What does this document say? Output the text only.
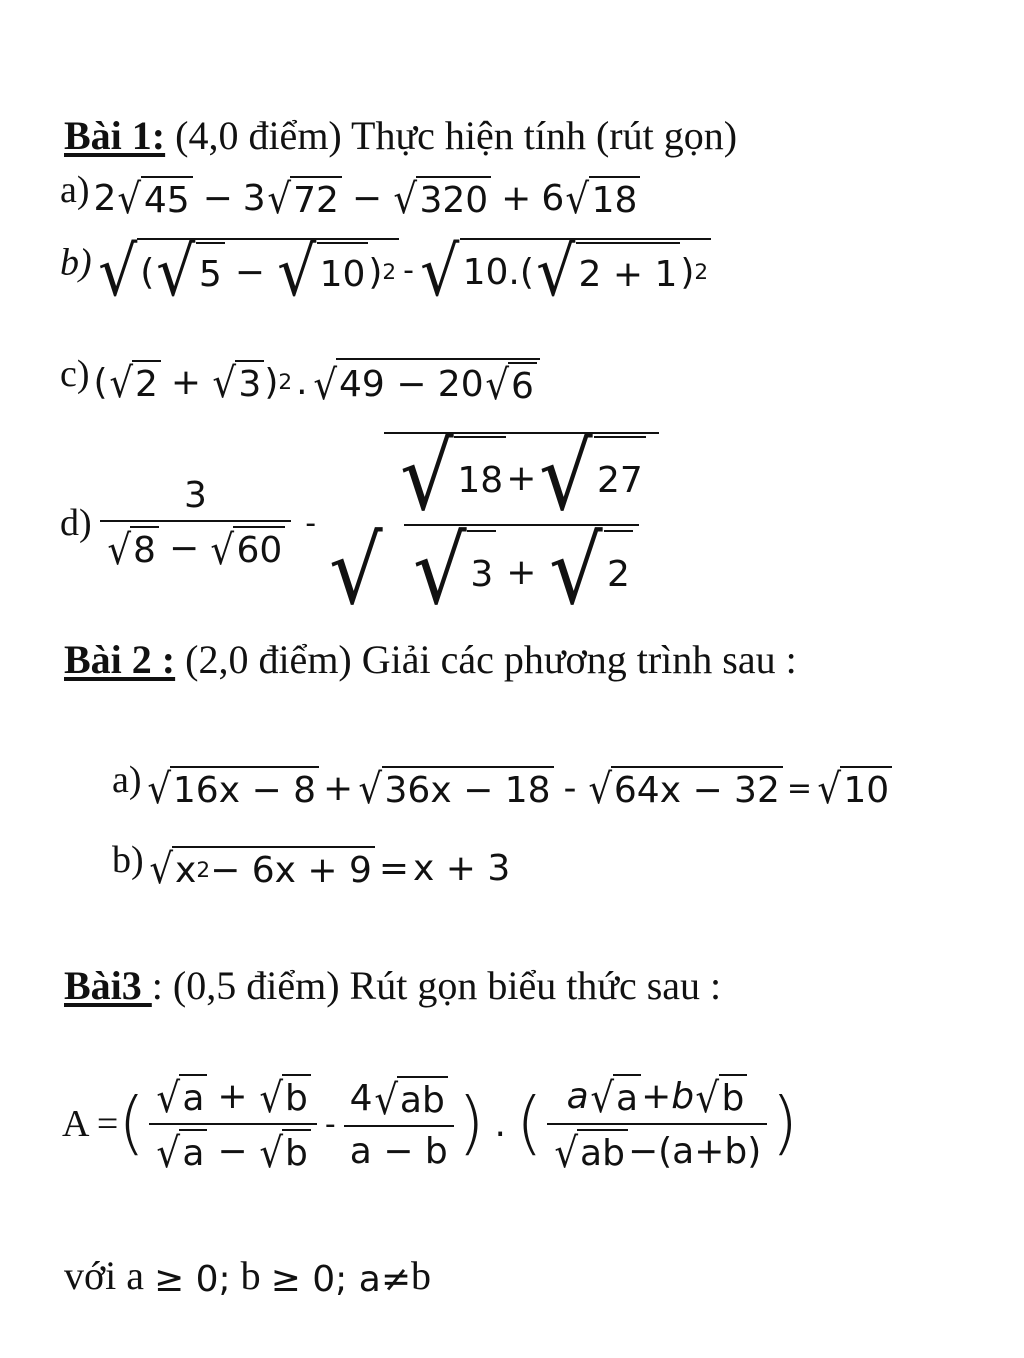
Bài 1: (4,0 điểm) Thực hiện tính (rút gọn)
a) 2 √ 45 − 3 √ 72 − √ 320 + 6 √ 18
b) √ ( √ 5 − √ 10 ) 2 - √ 10. ( √ 2 + 1 ) 2
c) ( √ 2 + √ 3 ) 2 . √ 49 − 20 √ 6
$d) \frac{3}{√ 8 - √ 60}$ - √ $\frac{√ 18 + √ 27}{√ 3 + √ 2}$
Bài 2 : (2,0 điểm) Giải các phương trình sau :
a) √ 16x − 8 + √ 36x − 18 - √ 64x − 32 = √ 10
b) √ x 2 − 6x + 9 = x + 3
Bài3 : (0,5 điểm) Rút gọn biểu thức sau :
A = ( $\frac{√ a + √ b}{√ a - √ b} - \frac{4 √ ab}{a - b}$ ) . ( $\frac{a √ a + b √ b}{√ ab -(a+b)}$ )
với a ≥ 0; b ≥ 0; a≠b
